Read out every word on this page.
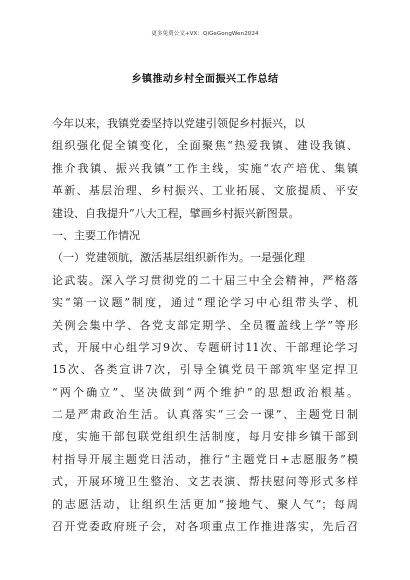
更多免费公文+VX：QiGeGongWen2024
乡镇推动乡村全面振兴工作总结
今年以来，我镇党委坚持以党建引领促乡村振兴，以
组织强化促全镇变化，全面聚焦“热爱我镇、建设我镇、
推介我镇、振兴我镇”工作主线，实施“农产培优、集镇
革新、基层治理、乡村振兴、工业拓展、文旅提质、平安
建设、自我提升”八大工程，擘画乡村振兴新图景。
一、主要工作情况
（一）党建领航，激活基层组织新作为。一是强化理
论武装。深入学习贯彻党的二十届三中全会精神，严格落
实“第一议题”制度，通过“理论学习中心组带头学、机
关例会集中学、各党支部定期学、全员覆盖线上学”等形
式，开展中心组学习9次、专题研讨11次、干部理论学习
15次、各类宣讲7次，引导全镇党员干部筑牢坚定捍卫
“两个确立”、坚决做到“两个维护”的思想政治根基。
二是严肃政治生活。认真落实“三会一课”、主题党日制
度，实施干部包联党组织生活制度，每月安排乡镇干部到
村指导开展主题党日活动，推行“主题党日+志愿服务”模
式，开展环境卫生整治、文艺表演、帮扶慰问等形式多样
的志愿活动，让组织生活更加“接地气、聚人气”；每周
召开党委政府班子会，对各项重点工作推进落实，先后召
